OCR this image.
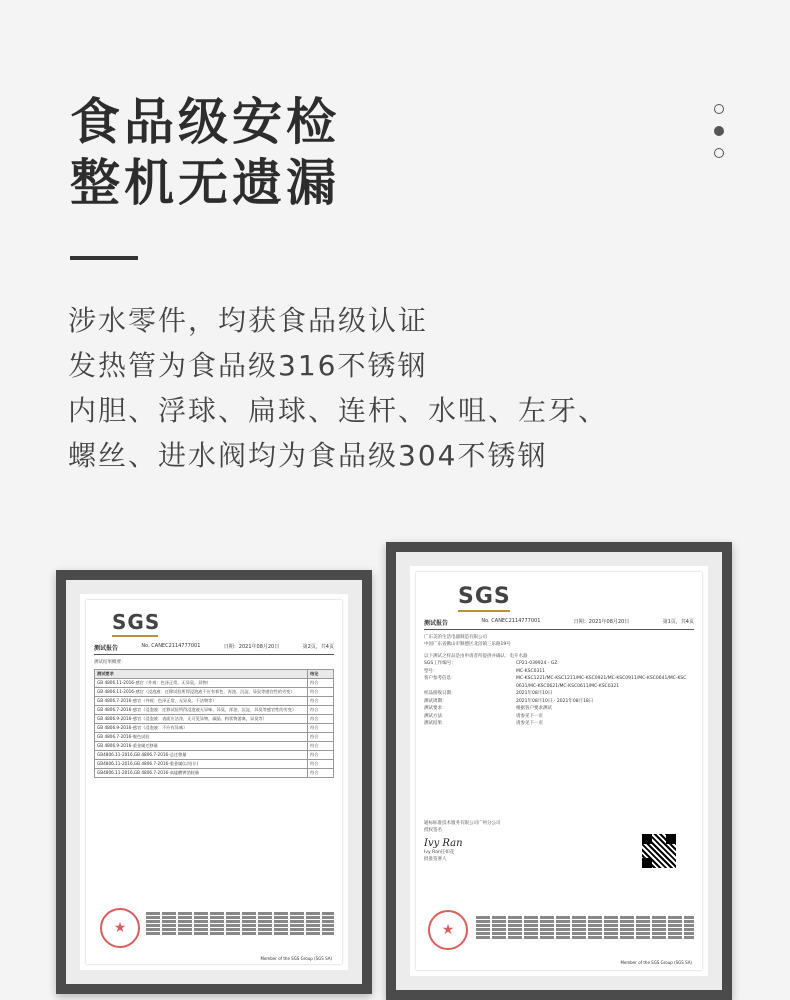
食品级安检
整机无遗漏
涉水零件，均获食品级认证
发热管为食品级316不锈钢
内胆、浮球、扁球、连杆、水咀、左牙、
螺丝、进水阀均为食品级304不锈钢
SGS
测试报告	No. CANEC2114777001	日期：2021年08月20日	第2页，共4页
测试结果概要：
测试要求	结论
GB 4806.11-2016-感官（外观：色泽正常，无异臭，异物）	符合
GB 4806.11-2016-感官（浸泡液：迁移试验所得浸泡液不应有着色、浑浊、沉淀、异臭等感官性的劣变）	符合
GB 4806.7-2016-感官（外观：色泽正常，无异臭，不洁物等）	符合
GB 4806.7-2016-感官（浸泡液：迁移试验所得浸泡液无异味、异臭、浑浊、沉淀、异臭等感官性的劣变）	符合
GB 4806.9-2016-感官（浸泡液：表面应洁净，无可见异物，碳晶、粉状物游离，异臭等）	符合
GB 4806.9-2016-感官（浸泡液：不应有异味）	符合
GB 4806.7-2016-脱色试验	符合
GB 4806.9-2016-重金属迁移量	符合
GB4806.11-2016,GB 4806.7-2016-总迁移量	符合
GB4806.11-2016,GB 4806.7-2016-重金属(以铅计)	符合
GB4806.11-2016,GB 4806.7-2016-高锰酸钾消耗量	符合
★
Member of the SGS Group (SGS SA)
SGS
测试报告	No. CANEC2114777001	日期：2021年08月20日	第1页，共4页
广东美的生活电器制造有限公司
中国广东省佛山市顺德区北滘镇三乐路19号
以下测试之样品是由申请者所提供并确认：电开水器
SGS工作编号：	CP21-039924 - GZ
型号：	MC-KSC0311
客户参考信息：	MC-KSC1221/MC-KSC1211/MC-KSC0921/MC-KSC0911/MC-KSC0641/MC-KSC
0631/MC-KSC0621/MC-KSC0611/MC-KSC0321
样品接收日期：	2021年08月10日
测试周期：	2021年08月10日 - 2021年08月18日
测试要求：	根据客户要求测试
测试方法：	请参见下一页
测试结果：	请参见下一页
通标标准技术服务有限公司广州分公司
授权签名
Ivy Ran
Ivy Ran任如花
批准签署人
★
Member of the SGS Group (SGS SA)
